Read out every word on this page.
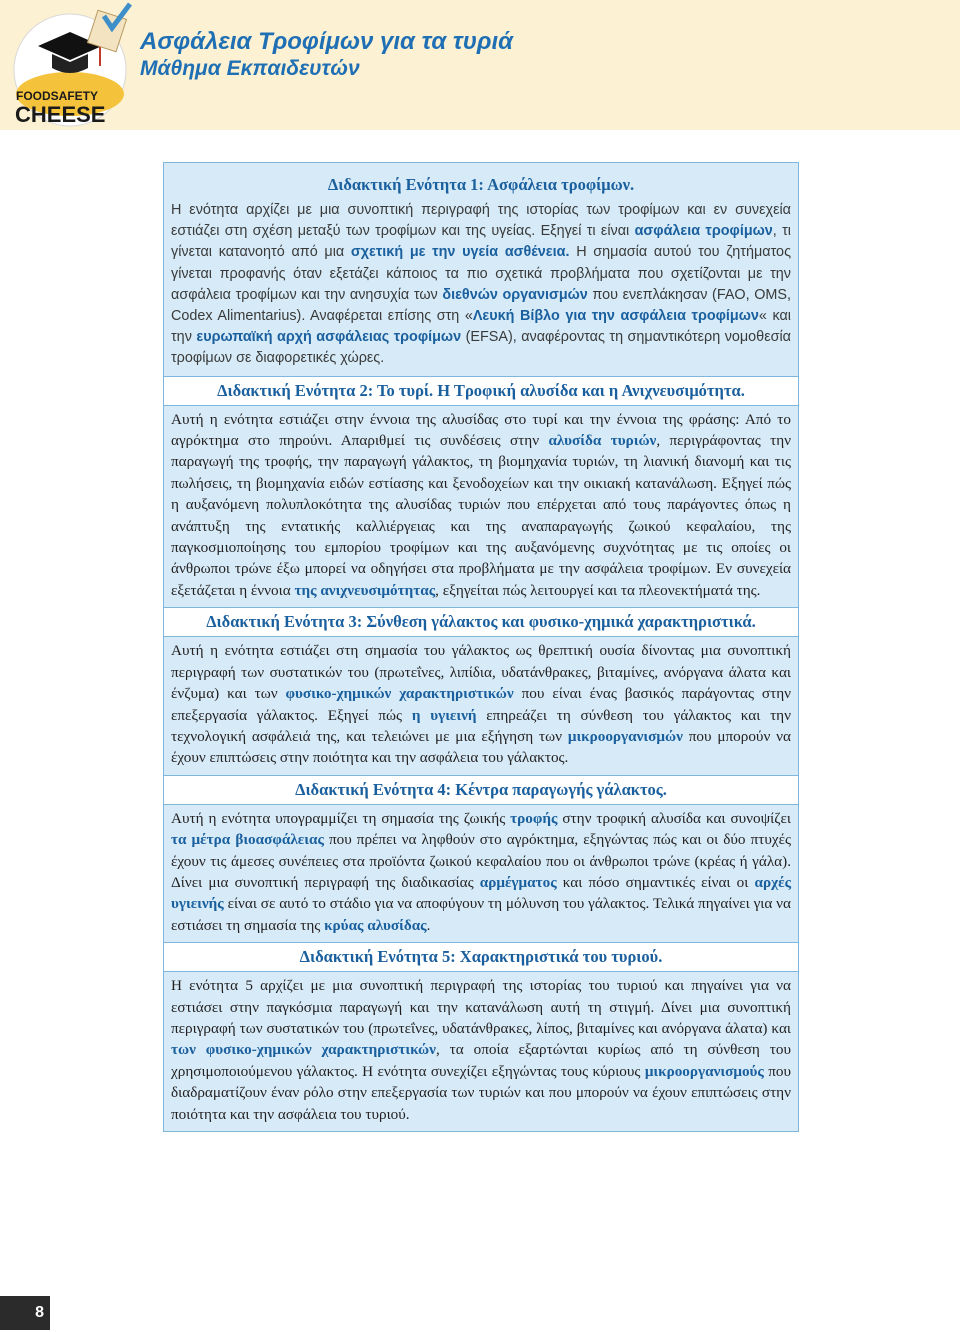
FOODSAFETY
CHEESE
Ασφάλεια Τροφίμων για τα τυριά
Μάθημα Εκπαιδευτών
Διδακτική Ενότητα 1: Ασφάλεια τροφίμων.
Η ενότητα αρχίζει με μια συνοπτική περιγραφή της ιστορίας των τροφίμων και εν συνεχεία εστιάζει στη σχέση μεταξύ των τροφίμων και της υγείας. Εξηγεί τι είναι ασφάλεια τροφίμων, τι γίνεται κατανοητό από μια σχετική με την υγεία ασθένεια. Η σημασία αυτού του ζητήματος γίνεται προφανής όταν εξετάζει κάποιος τα πιο σχετικά προβλήματα που σχετίζονται με την ασφάλεια τροφίμων και την ανησυχία των διεθνών οργανισμών που ενεπλάκησαν (FAO, OMS, Codex Alimentarius). Αναφέρεται επίσης στη «Λευκή Βίβλο για την ασφάλεια τροφίμων« και την ευρωπαϊκή αρχή ασφάλειας τροφίμων (EFSA), αναφέροντας τη σημαντικότερη νομοθεσία τροφίμων σε διαφορετικές χώρες.
Διδακτική Ενότητα 2: Το τυρί. Η Τροφική αλυσίδα και η Ανιχνευσιμότητα.
Αυτή η ενότητα εστιάζει στην έννοια της αλυσίδας στο τυρί και την έννοια της φράσης: Από το αγρόκτημα στο πηρούνι. Απαριθμεί τις συνδέσεις στην αλυσίδα τυριών, περιγράφοντας την παραγωγή της τροφής, την παραγωγή γάλακτος, τη βιομηχανία τυριών, τη λιανική διανομή και τις πωλήσεις, τη βιομηχανία ειδών εστίασης και ξενοδοχείων και την οικιακή κατανάλωση. Εξηγεί πώς η αυξανόμενη πολυπλοκότητα της αλυσίδας τυριών που επέρχεται από τους παράγοντες όπως η ανάπτυξη της εντατικής καλλιέργειας και της αναπαραγωγής ζωικού κεφαλαίου, της παγκοσμιοποίησης του εμπορίου τροφίμων και της αυξανόμενης συχνότητας με τις οποίες οι άνθρωποι τρώνε έξω μπορεί να οδηγήσει στα προβλήματα με την ασφάλεια τροφίμων. Εν συνεχεία εξετάζεται η έννοια της ανιχνευσιμότητας, εξηγείται πώς λειτουργεί και τα πλεονεκτήματά της.
Διδακτική Ενότητα 3: Σύνθεση γάλακτος και φυσικο-χημικά χαρακτηριστικά.
Αυτή η ενότητα εστιάζει στη σημασία του γάλακτος ως θρεπτική ουσία δίνοντας μια συνοπτική περιγραφή των συστατικών του (πρωτεΐνες, λιπίδια, υδατάνθρακες, βιταμίνες, ανόργανα άλατα και ένζυμα) και των φυσικο-χημικών χαρακτηριστικών που είναι ένας βασικός παράγοντας στην επεξεργασία γάλακτος. Εξηγεί πώς η υγιεινή επηρεάζει τη σύνθεση του γάλακτος και την τεχνολογική ασφάλειά της, και τελειώνει με μια εξήγηση των μικροοργανισμών που μπορούν να έχουν επιπτώσεις στην ποιότητα και την ασφάλεια του γάλακτος.
Διδακτική Ενότητα 4: Κέντρα παραγωγής γάλακτος.
Αυτή η ενότητα υπογραμμίζει τη σημασία της ζωικής τροφής στην τροφική αλυσίδα και συνοψίζει τα μέτρα βιοασφάλειας που πρέπει να ληφθούν στο αγρόκτημα, εξηγώντας πώς και οι δύο πτυχές έχουν τις άμεσες συνέπειες στα προϊόντα ζωικού κεφαλαίου που οι άνθρωποι τρώνε (κρέας ή γάλα). Δίνει μια συνοπτική περιγραφή της διαδικασίας αρμέγματος και πόσο σημαντικές είναι οι αρχές υγιεινής είναι σε αυτό το στάδιο για να αποφύγουν τη μόλυνση του γάλακτος. Τελικά πηγαίνει για να εστιάσει τη σημασία της κρύας αλυσίδας.
Διδακτική Ενότητα 5: Χαρακτηριστικά του τυριού.
Η ενότητα 5 αρχίζει με μια συνοπτική περιγραφή της ιστορίας του τυριού και πηγαίνει για να εστιάσει στην παγκόσμια παραγωγή και την κατανάλωση αυτή τη στιγμή. Δίνει μια συνοπτική περιγραφή των συστατικών του (πρωτεΐνες, υδατάνθρακες, λίπος, βιταμίνες και ανόργανα άλατα) και των φυσικο-χημικών χαρακτηριστικών, τα οποία εξαρτώνται κυρίως από τη σύνθεση του χρησιμοποιούμενου γάλακτος. Η ενότητα συνεχίζει εξηγώντας τους κύριους μικροοργανισμούς που διαδραματίζουν έναν ρόλο στην επεξεργασία των τυριών και που μπορούν να έχουν επιπτώσεις στην ποιότητα και την ασφάλεια του τυριού.
8
